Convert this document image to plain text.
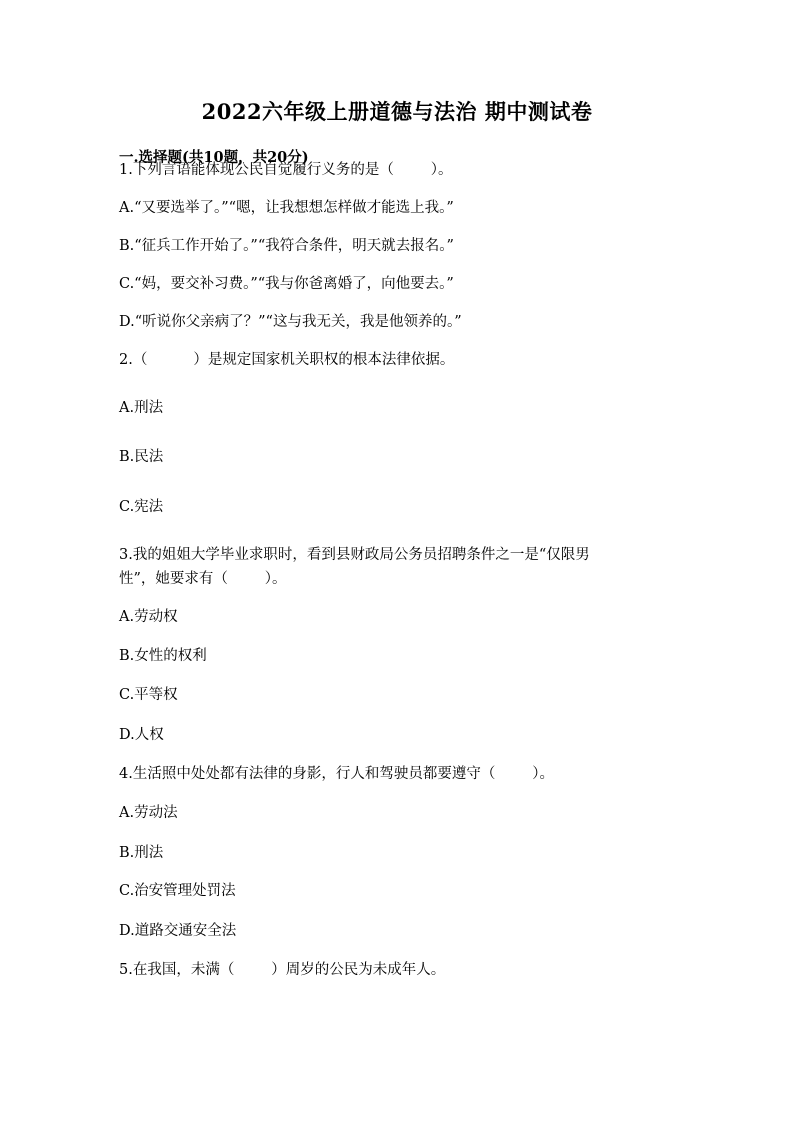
2022六年级上册道德与法治 期中测试卷
一.选择题(共10题，共20分)
1.下列言语能体现公民自觉履行义务的是（        ）。
A.“又要选举了。”“嗯，让我想想怎样做才能选上我。”
B.“征兵工作开始了。”“我符合条件，明天就去报名。”
C.“妈，要交补习费。”“我与你爸离婚了，向他要去。”
D.“听说你父亲病了？”“这与我无关，我是他领养的。”
2.（          ）是规定国家机关职权的根本法律依据。
A.刑法
B.民法
C.宪法
3.我的姐姐大学毕业求职时，看到县财政局公务员招聘条件之一是“仅限男
性”，她要求有（        ）。
A.劳动权
B.女性的权利
C.平等权
D.人权
4.生活照中处处都有法律的身影，行人和驾驶员都要遵守（        ）。
A.劳动法
B.刑法
C.治安管理处罚法
D.道路交通安全法
5.在我国，未满（        ）周岁的公民为未成年人。
